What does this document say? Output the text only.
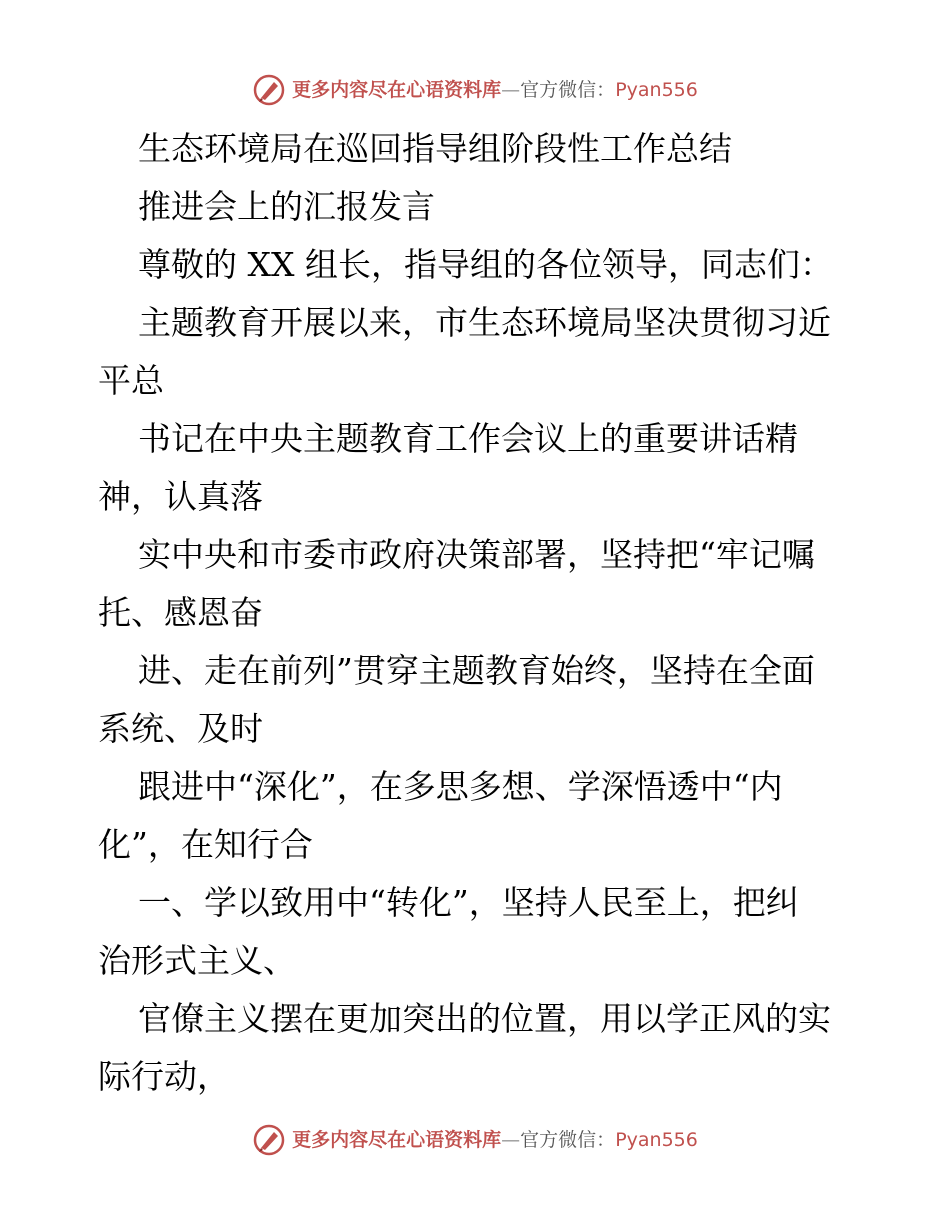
更多内容尽在心语资料库—官方微信：Pyan556
生态环境局在巡回指导组阶段性工作总结
推进会上的汇报发言
尊敬的 XX 组长，指导组的各位领导，同志们：
主题教育开展以来，市生态环境局坚决贯彻习近
平总
书记在中央主题教育工作会议上的重要讲话精
神，认真落
实中央和市委市政府决策部署，坚持把“牢记嘱
托、感恩奋
进、走在前列”贯穿主题教育始终，坚持在全面
系统、及时
跟进中“深化”，在多思多想、学深悟透中“内
化”，在知行合
一、学以致用中“转化”，坚持人民至上，把纠
治形式主义、
官僚主义摆在更加突出的位置，用以学正风的实
际行动，
更多内容尽在心语资料库—官方微信：Pyan556
